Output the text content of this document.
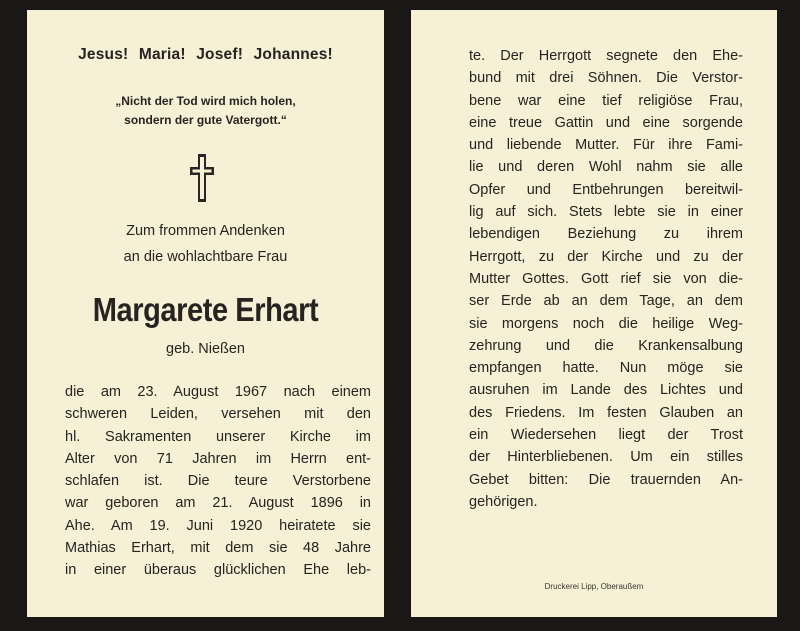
Jesus! Maria! Josef! Johannes!
„Nicht der Tod wird mich holen,
sondern der gute Vatergott.“
Zum frommen Andenken
an die wohlachtbare Frau
Margarete Erhart
geb. Nießen
die am 23. August 1967 nach einem
schweren Leiden, versehen mit den
hl. Sakramenten unserer Kirche im
Alter von 71 Jahren im Herrn ent-
schlafen ist. Die teure Verstorbene
war geboren am 21. August 1896 in
Ahe. Am 19. Juni 1920 heiratete sie
Mathias Erhart, mit dem sie 48 Jahre
in einer überaus glücklichen Ehe leb-
te. Der Herrgott segnete den Ehe-
bund mit drei Söhnen. Die Verstor-
bene war eine tief religiöse Frau,
eine treue Gattin und eine sorgende
und liebende Mutter. Für ihre Fami-
lie und deren Wohl nahm sie alle
Opfer und Entbehrungen bereitwil-
lig auf sich. Stets lebte sie in einer
lebendigen Beziehung zu ihrem
Herrgott, zu der Kirche und zu der
Mutter Gottes. Gott rief sie von die-
ser Erde ab an dem Tage, an dem
sie morgens noch die heilige Weg-
zehrung und die Krankensalbung
empfangen hatte. Nun möge sie
ausruhen im Lande des Lichtes und
des Friedens. Im festen Glauben an
ein Wiedersehen liegt der Trost
der Hinterbliebenen. Um ein stilles
Gebet bitten: Die trauernden An-
gehörigen.
Druckerei Lipp, Oberaußem
